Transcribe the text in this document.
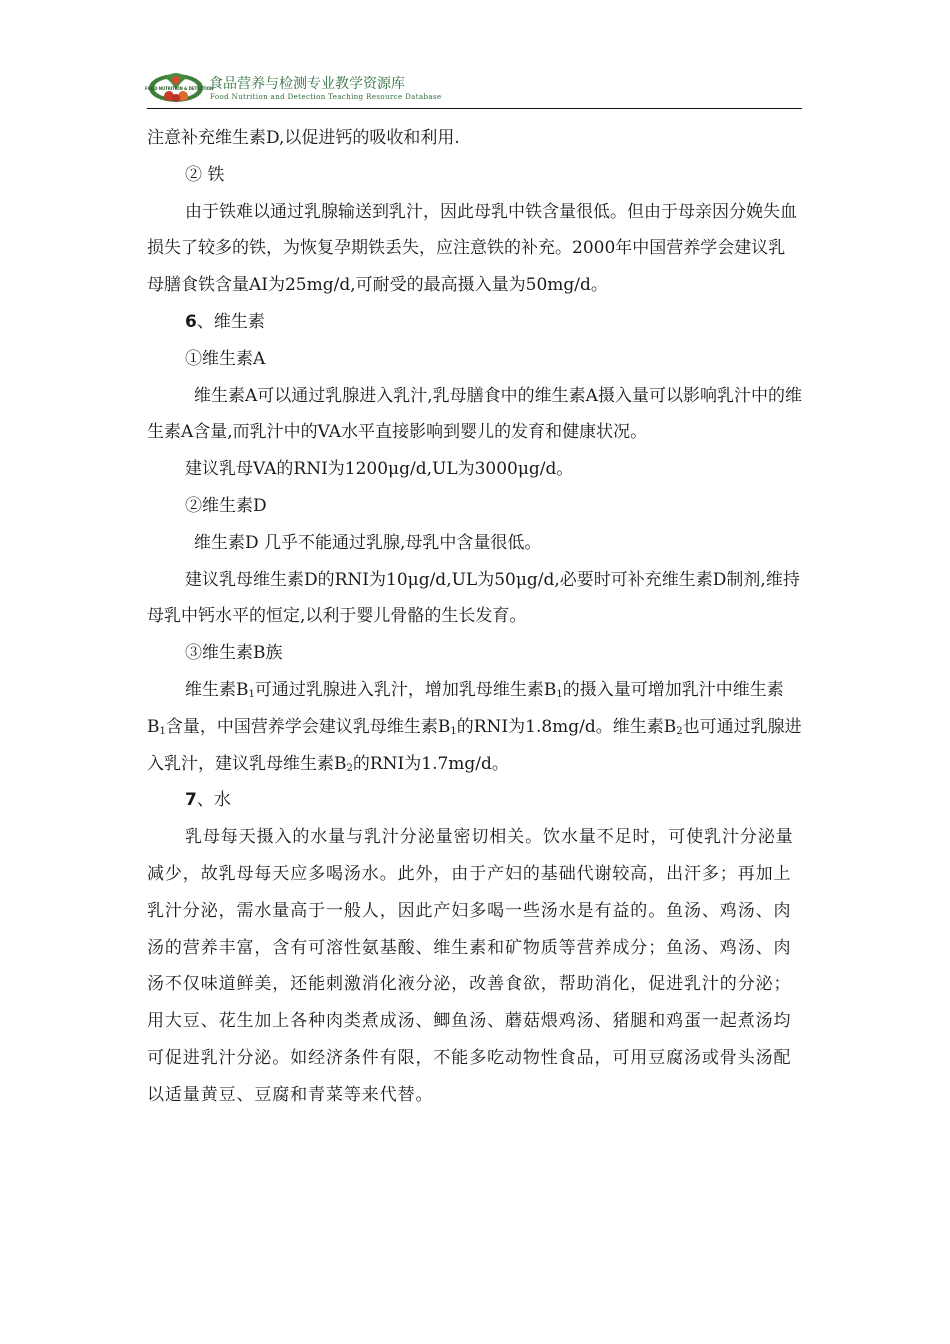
FOOD NUTRITION & DETECTION
食品营养与检测专业教学资源库
Food Nutrition and Detection Teaching Resource Database

注意补充维生素D,以促进钙的吸收和利用.

② 铁

由于铁难以通过乳腺输送到乳汁，因此母乳中铁含量很低。但由于母亲因分娩失血损失了较多的铁，为恢复孕期铁丢失，应注意铁的补充。2000年中国营养学会建议乳母膳食铁含量AI为25mg/d,可耐受的最高摄入量为50mg/d。

6、维生素

①维生素A

维生素A可以通过乳腺进入乳汁,乳母膳食中的维生素A摄入量可以影响乳汁中的维生素A含量,而乳汁中的VA水平直接影响到婴儿的发育和健康状况。

建议乳母VA的RNI为1200μg/d,UL为3000μg/d。

②维生素D

维生素D 几乎不能通过乳腺,母乳中含量很低。

建议乳母维生素D的RNI为10μg/d,UL为50μg/d,必要时可补充维生素D制剂,维持母乳中钙水平的恒定,以利于婴儿骨骼的生长发育。

③维生素B族

维生素$B_1$可通过乳腺进入乳汁，增加乳母维生素$B_1$的摄入量可增加乳汁中维生素$B_1$含量，中国营养学会建议乳母维生素$B_1$的RNI为1.8mg/d。维生素$B_2$也可通过乳腺进入乳汁，建议乳母维生素$B_2$的RNI为1.7mg/d。

7、水

乳母每天摄入的水量与乳汁分泌量密切相关。饮水量不足时，可使乳汁分泌量减少，故乳母每天应多喝汤水。此外，由于产妇的基础代谢较高，出汗多；再加上乳汁分泌，需水量高于一般人，因此产妇多喝一些汤水是有益的。鱼汤、鸡汤、肉汤的营养丰富，含有可溶性氨基酸、维生素和矿物质等营养成分；鱼汤、鸡汤、肉汤不仅味道鲜美，还能刺激消化液分泌，改善食欲，帮助消化，促进乳汁的分泌；用大豆、花生加上各种肉类煮成汤、鲫鱼汤、蘑菇煨鸡汤、猪腿和鸡蛋一起煮汤均可促进乳汁分泌。如经济条件有限，不能多吃动物性食品，可用豆腐汤或骨头汤配以适量黄豆、豆腐和青菜等来代替。
